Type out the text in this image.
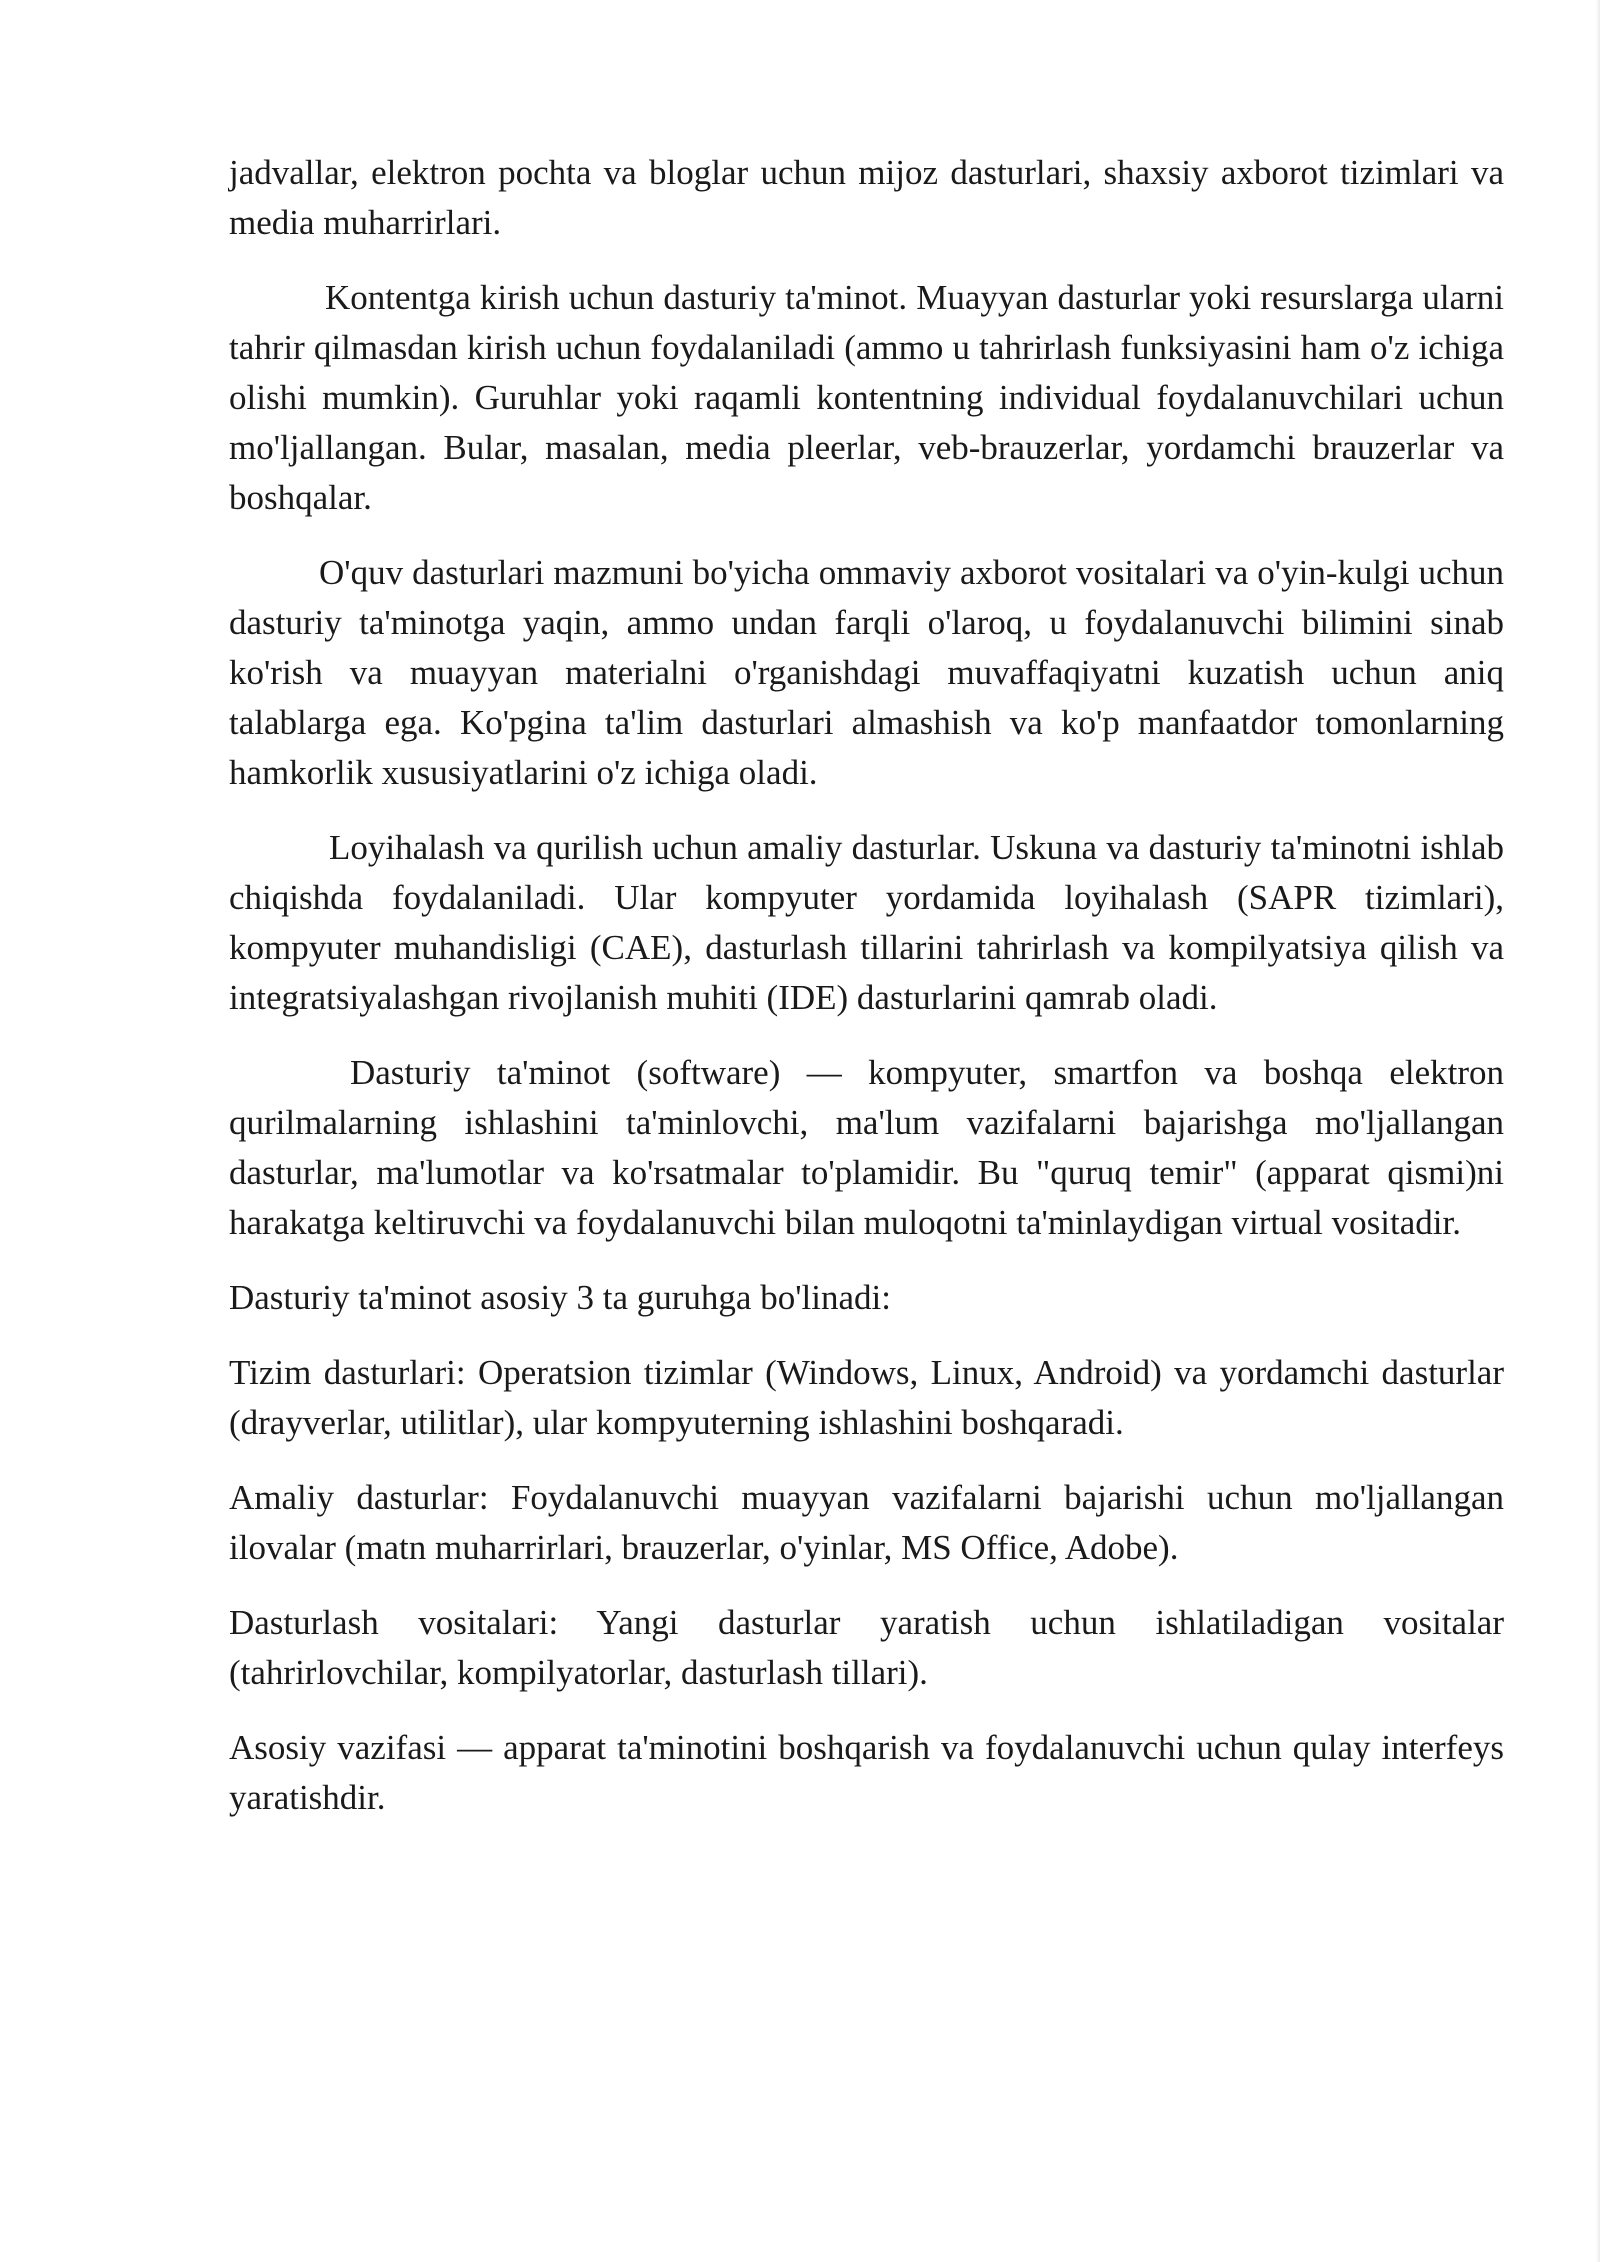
jadvallar, elektron pochta va bloglar uchun mijoz dasturlari, shaxsiy axborot tizimlari va media muharrirlari.

Kontentga kirish uchun dasturiy ta'minot. Muayyan dasturlar yoki resurslarga ularni tahrir qilmasdan kirish uchun foydalaniladi (ammo u tahrirlash funksiyasini ham o'z ichiga olishi mumkin). Guruhlar yoki raqamli kontentning individual foydalanuvchilari uchun mo'ljallangan. Bular, masalan, media pleerlar, veb-brauzerlar, yordamchi brauzerlar va boshqalar.

O'quv dasturlari mazmuni bo'yicha ommaviy axborot vositalari va o'yin-kulgi uchun dasturiy ta'minotga yaqin, ammo undan farqli o'laroq, u foydalanuvchi bilimini sinab ko'rish va muayyan materialni o'rganishdagi muvaffaqiyatni kuzatish uchun aniq talablarga ega. Ko'pgina ta'lim dasturlari almashish va ko'p manfaatdor tomonlarning hamkorlik xususiyatlarini o'z ichiga oladi.

Loyihalash va qurilish uchun amaliy dasturlar. Uskuna va dasturiy ta'minotni ishlab chiqishda foydalaniladi. Ular kompyuter yordamida loyihalash (SAPR tizimlari), kompyuter muhandisligi (CAE), dasturlash tillarini tahrirlash va kompilyatsiya qilish va integratsiyalashgan rivojlanish muhiti (IDE) dasturlarini qamrab oladi.

Dasturiy ta'minot (software) — kompyuter, smartfon va boshqa elektron qurilmalarning ishlashini ta'minlovchi, ma'lum vazifalarni bajarishga mo'ljallangan dasturlar, ma'lumotlar va ko'rsatmalar to'plamidir. Bu "quruq temir" (apparat qismi)ni harakatga keltiruvchi va foydalanuvchi bilan muloqotni ta'minlaydigan virtual vositadir.

Dasturiy ta'minot asosiy 3 ta guruhga bo'linadi:

Tizim dasturlari: Operatsion tizimlar (Windows, Linux, Android) va yordamchi dasturlar (drayverlar, utilitlar), ular kompyuterning ishlashini boshqaradi.

Amaliy dasturlar: Foydalanuvchi muayyan vazifalarni bajarishi uchun mo'ljallangan ilovalar (matn muharrirlari, brauzerlar, o'yinlar, MS Office, Adobe).

Dasturlash vositalari: Yangi dasturlar yaratish uchun ishlatiladigan vositalar (tahrirlovchilar, kompilyatorlar, dasturlash tillari).

Asosiy vazifasi — apparat ta'minotini boshqarish va foydalanuvchi uchun qulay interfeys yaratishdir.
